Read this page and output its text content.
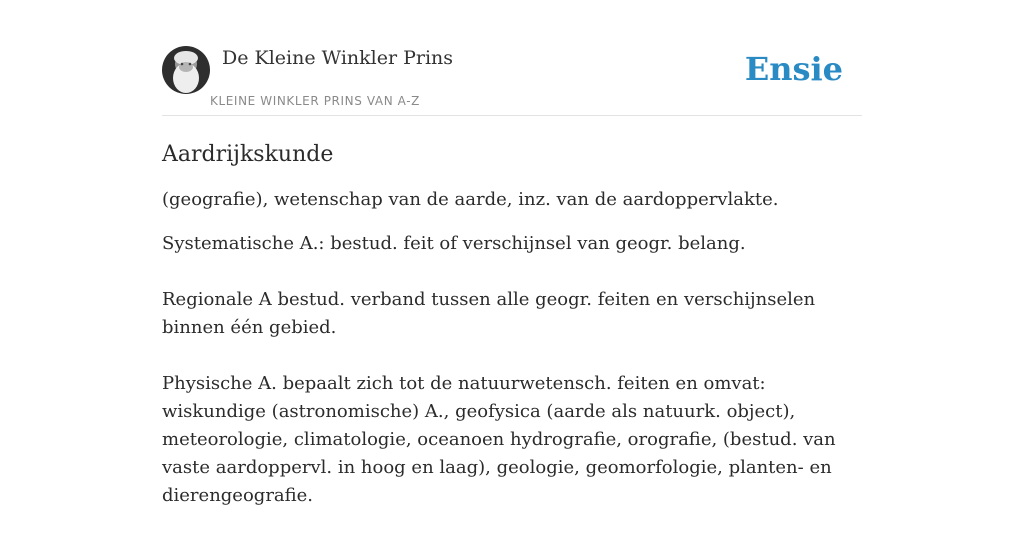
De Kleine Winkler Prins
KLEINE WINKLER PRINS VAN A-Z
Ensie
Aardrijkskunde

(geografie), wetenschap van de aarde, inz. van de aardoppervlakte.

Systematische A.: bestud. feit of verschijnsel van geogr. belang.

Regionale A bestud. verband tussen alle geogr. feiten en verschijnselen binnen één gebied.

Physische A. bepaalt zich tot de natuurwetensch. feiten en omvat: wiskundige (astronomische) A., geofysica (aarde als natuurk. object), meteorologie, climatologie, oceanoen hydrografie, orografie, (bestud. van vaste aardoppervl. in hoog en laag), geologie, geomorfologie, planten- en dierengeografie.
